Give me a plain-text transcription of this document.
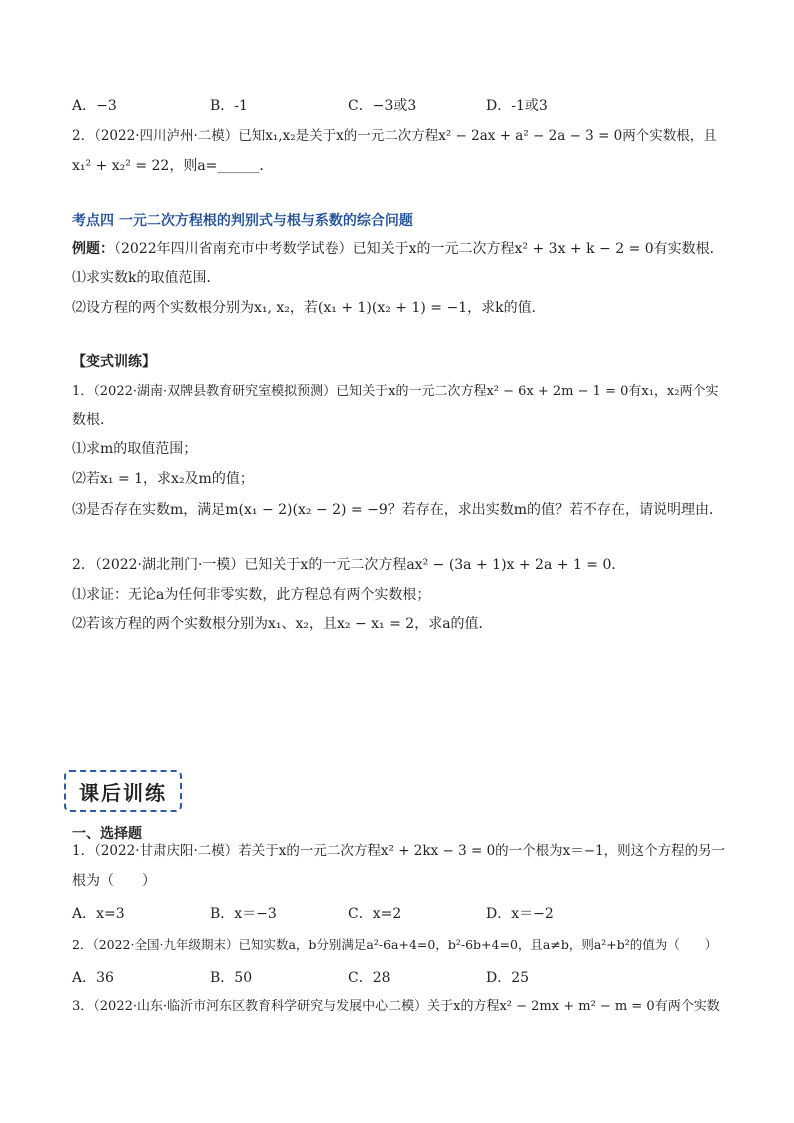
A．−3	B．-1	C．−3或3	D．-1或3
2．（2022·四川泸州·二模）已知x₁,x₂是关于x的一元二次方程x² − 2ax + a² − 2a − 3 = 0两个实数根，且
x₁² + x₂² = 22，则a=______．
考点四 一元二次方程根的判别式与根与系数的综合问题
例题：（2022年四川省南充市中考数学试卷）已知关于x的一元二次方程x² + 3x + k − 2 = 0有实数根．
⑴求实数k的取值范围．
⑵设方程的两个实数根分别为x₁, x₂，若(x₁ + 1)(x₂ + 1) = −1，求k的值．
【变式训练】
1．（2022·湖南·双牌县教育研究室模拟预测）已知关于x的一元二次方程x² − 6x + 2m − 1 = 0有x₁，x₂两个实
数根．
⑴求m的取值范围；
⑵若x₁ = 1，求x₂及m的值；
⑶是否存在实数m，满足m(x₁ − 2)(x₂ − 2) = −9？若存在，求出实数m的值？若不存在，请说明理由．
2．（2022·湖北荆门·一模）已知关于x的一元二次方程ax² − (3a + 1)x + 2a + 1 = 0．
⑴求证：无论a为任何非零实数，此方程总有两个实数根；
⑵若该方程的两个实数根分别为x₁、x₂，且x₂ − x₁ = 2，求a的值．
课后训练
一、选择题
1．（2022·甘肃庆阳·二模）若关于x的一元二次方程x² + 2kx − 3 = 0的一个根为x＝−1，则这个方程的另一
根为（　　）
A．x=3	B．x＝−3	C．x=2	D．x＝−2
2．（2022·全国·九年级期末）已知实数a，b分别满足a²-6a+4=0，b²-6b+4=0，且a≠b，则a²+b²的值为（　　）
A．36	B．50	C．28	D．25
3．（2022·山东·临沂市河东区教育科学研究与发展中心二模）关于x的方程x² − 2mx + m² − m = 0有两个实数
